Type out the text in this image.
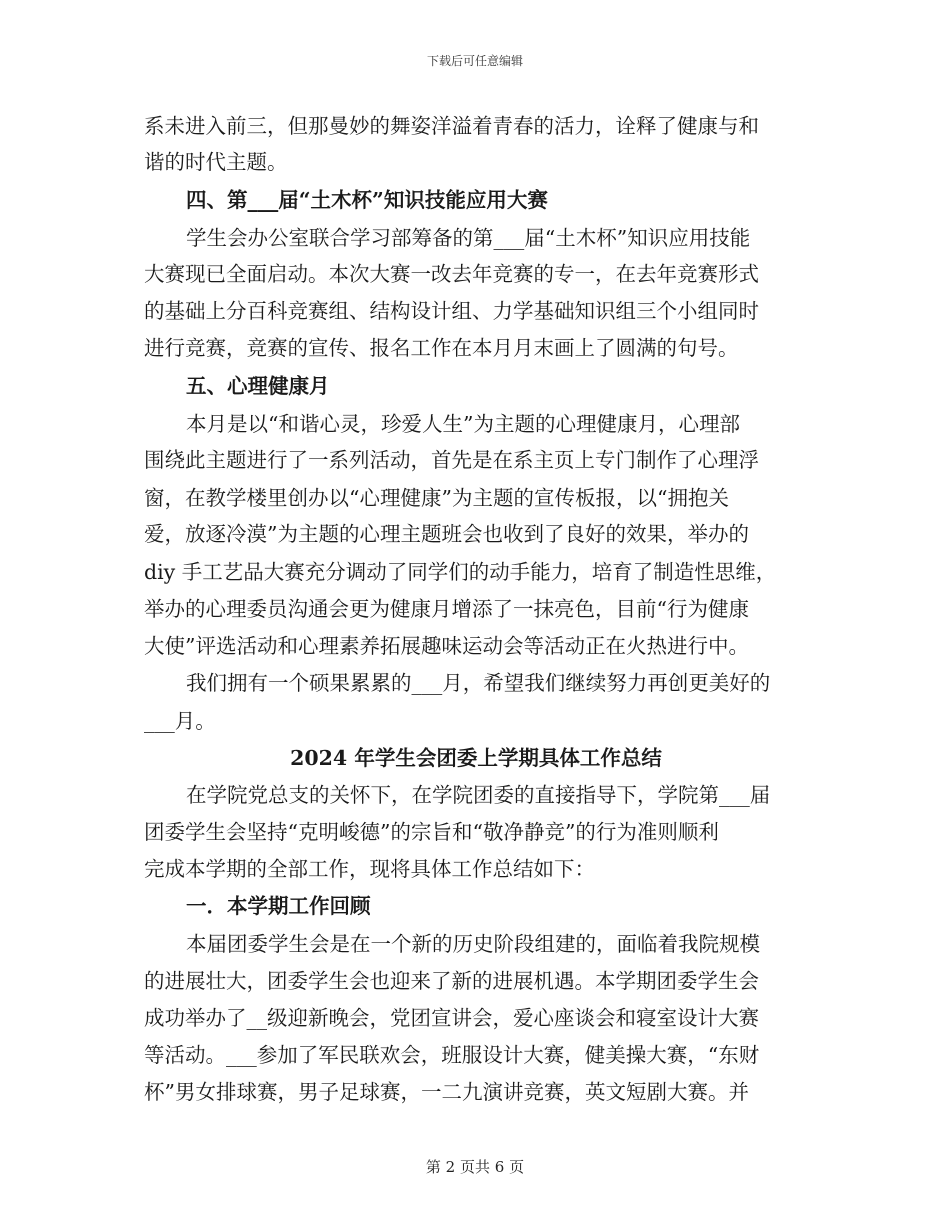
下载后可任意编辑
系未进入前三，但那曼妙的舞姿洋溢着青春的活力，诠释了健康与和
谐的时代主题。
四、第___届“土木杯”知识技能应用大赛
学生会办公室联合学习部筹备的第___届“土木杯”知识应用技能
大赛现已全面启动。本次大赛一改去年竞赛的专一，在去年竞赛形式
的基础上分百科竞赛组、结构设计组、力学基础知识组三个小组同时
进行竞赛，竞赛的宣传、报名工作在本月月末画上了圆满的句号。
五、心理健康月
本月是以“和谐心灵，珍爱人生”为主题的心理健康月，心理部
围绕此主题进行了一系列活动，首先是在系主页上专门制作了心理浮
窗，在教学楼里创办以“心理健康”为主题的宣传板报，以“拥抱关
爱，放逐冷漠”为主题的心理主题班会也收到了良好的效果，举办的
diy 手工艺品大赛充分调动了同学们的动手能力，培育了制造性思维，
举办的心理委员沟通会更为健康月增添了一抹亮色，目前“行为健康
大使”评选活动和心理素养拓展趣味运动会等活动正在火热进行中。
我们拥有一个硕果累累的___月，希望我们继续努力再创更美好的
___月。
2024 年学生会团委上学期具体工作总结
在学院党总支的关怀下，在学院团委的直接指导下，学院第___届
团委学生会坚持“克明峻德”的宗旨和“敬净静竞”的行为准则顺利
完成本学期的全部工作，现将具体工作总结如下：
一．本学期工作回顾
本届团委学生会是在一个新的历史阶段组建的，面临着我院规模
的进展壮大，团委学生会也迎来了新的进展机遇。本学期团委学生会
成功举办了__级迎新晚会，党团宣讲会，爱心座谈会和寝室设计大赛
等活动。___参加了军民联欢会，班服设计大赛，健美操大赛，“东财
杯”男女排球赛，男子足球赛，一二九演讲竞赛，英文短剧大赛。并
第 2 页共 6 页
